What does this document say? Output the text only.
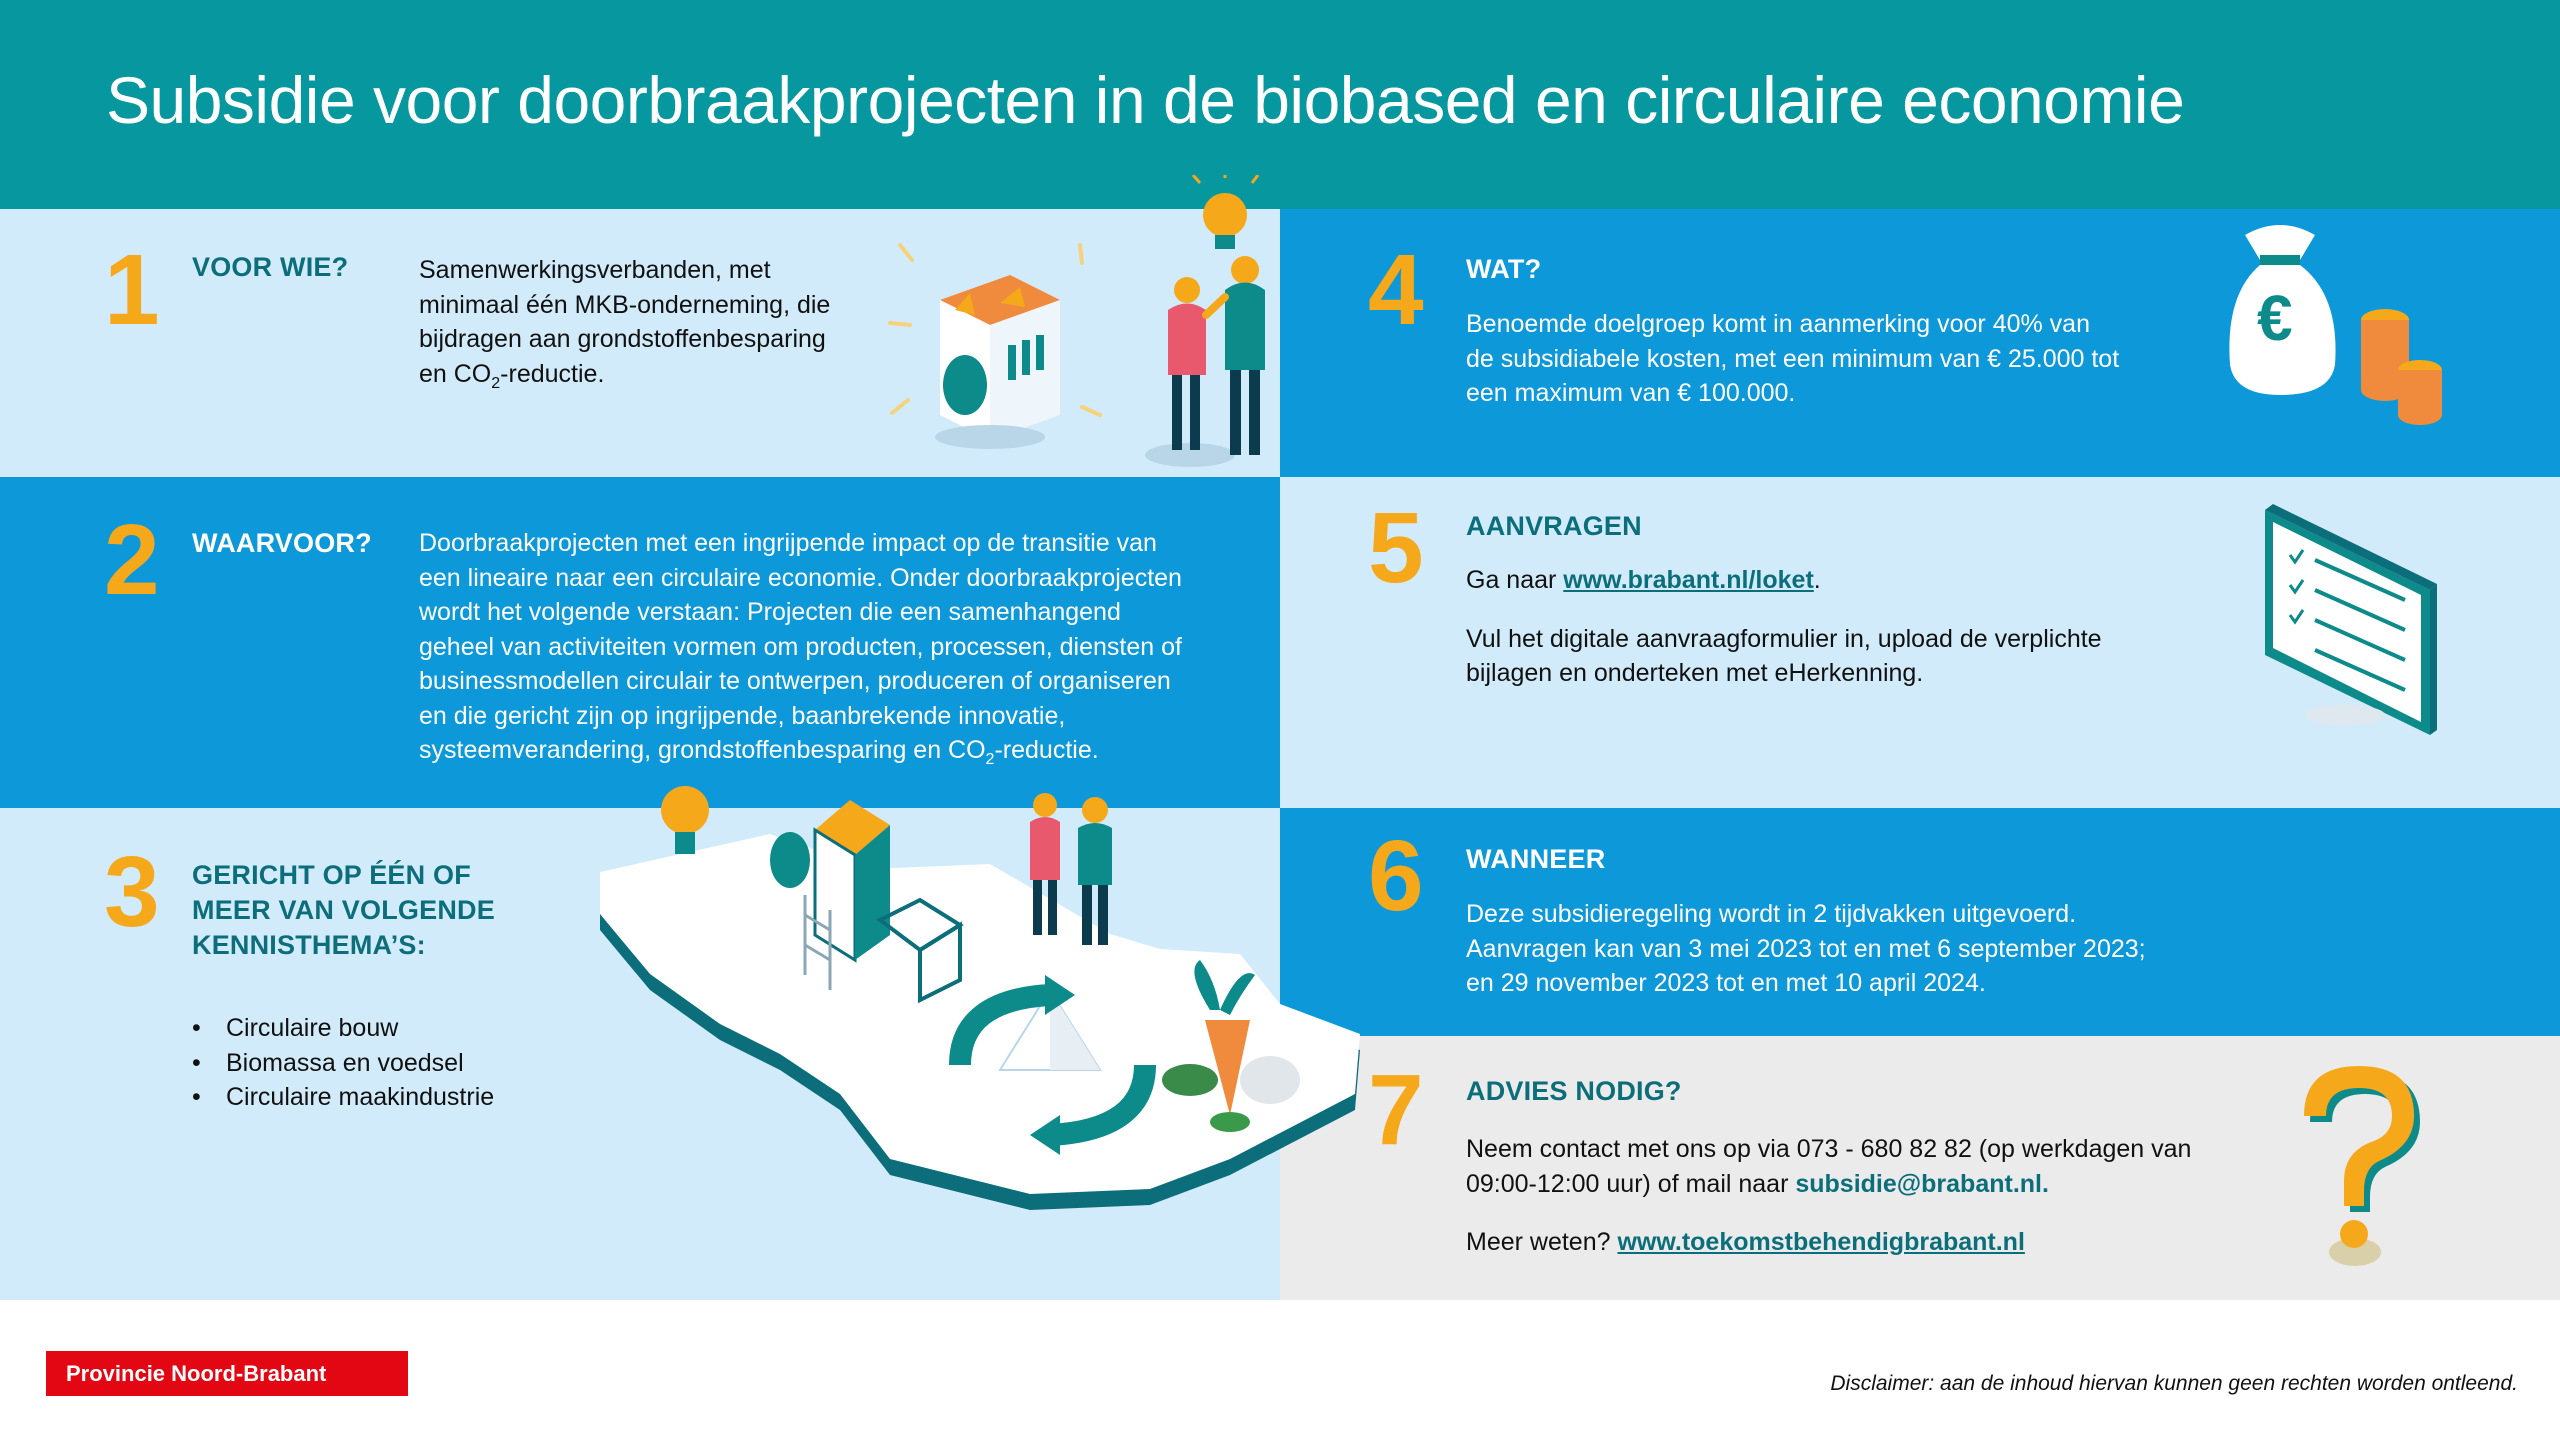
Subsidie voor doorbraakprojecten in de biobased en circulaire economie
1 VOOR WIE?	Samenwerkingsverbanden, met
minimaal één MKB-onderneming, die
bijdragen aan grondstoffenbesparing
en $CO_2$-reductie.
2 WAARVOOR? Doorbraakprojecten met een ingrijpende impact op de transitie van
een lineaire naar een circulaire economie. Onder doorbraakprojecten
wordt het volgende verstaan: Projecten die een samenhangend
geheel van activiteiten vormen om producten, processen, diensten of
businessmodellen circulair te ontwerpen, produceren of organiseren
en die gericht zijn op ingrijpende, baanbrekende innovatie,
systeemverandering, grondstoffenbesparing en $CO_2$-reductie.
3 GERICHT OP ÉÉN OF
MEER VAN VOLGENDE
KENNISTHEMA’S:
• Circulaire bouw
• Biomassa en voedsel
• Circulaire maakindustrie
4 WAT?
Benoemde doelgroep komt in aanmerking voor 40% van
de subsidiabele kosten, met een minimum van € 25.000 tot
een maximum van € 100.000.
5 AANVRAGEN
Ga naar www.brabant.nl/loket.
Vul het digitale aanvraagformulier in, upload de verplichte
bijlagen en onderteken met eHerkenning.
6 WANNEER
Deze subsidieregeling wordt in 2 tijdvakken uitgevoerd.
Aanvragen kan van 3 mei 2023 tot en met 6 september 2023;
en 29 november 2023 tot en met 10 april 2024.
7 ADVIES NODIG?
Neem contact met ons op via 073 - 680 82 82 (op werkdagen van
09:00-12:00 uur) of mail naar subsidie@brabant.nl.
Meer weten? www.toekomstbehendigbrabant.nl
€
Provincie Noord-Brabant	Disclaimer: aan de inhoud hiervan kunnen geen rechten worden ontleend.
